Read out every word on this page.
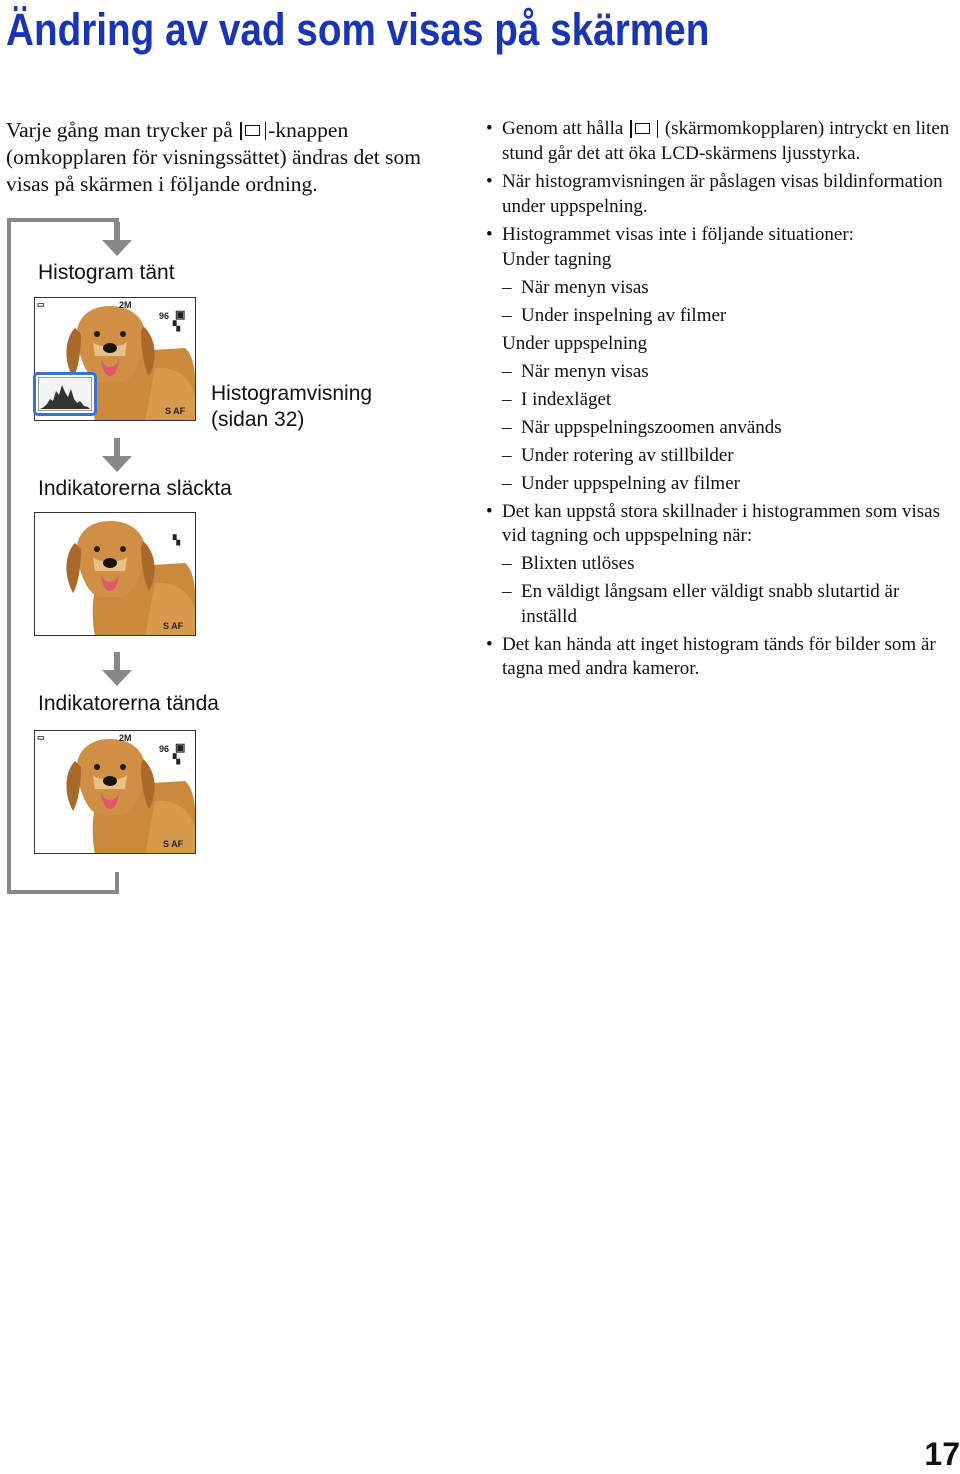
Ändring av vad som visas på skärmen
Varje gång man trycker på -knappen (omkopplaren för visningssättet) ändras det som visas på skärmen i följande ordning.
Histogram tänt
▭	2M
96 ▣
▚
S AF
Histogramvisning
(sidan 32)
Indikatorerna släckta
▚
S AF
Indikatorerna tända
▭	2M
96 ▣
▚
S AF
• Genom att hålla (skärmomkopplaren) intryckt en liten stund går det att öka LCD-skärmens ljusstyrka.
• När histogramvisningen är påslagen visas bildinformation under uppspelning.
• Histogrammet visas inte i följande situationer:
Under tagning
– När menyn visas
– Under inspelning av filmer
Under uppspelning
– När menyn visas
– I indexläget
– När uppspelningszoomen används
– Under rotering av stillbilder
– Under uppspelning av filmer
• Det kan uppstå stora skillnader i histogrammen som visas vid tagning och uppspelning när:
– Blixten utlöses
– En väldigt långsam eller väldigt snabb slutartid är inställd
• Det kan hända att inget histogram tänds för bilder som är tagna med andra kameror.
17
